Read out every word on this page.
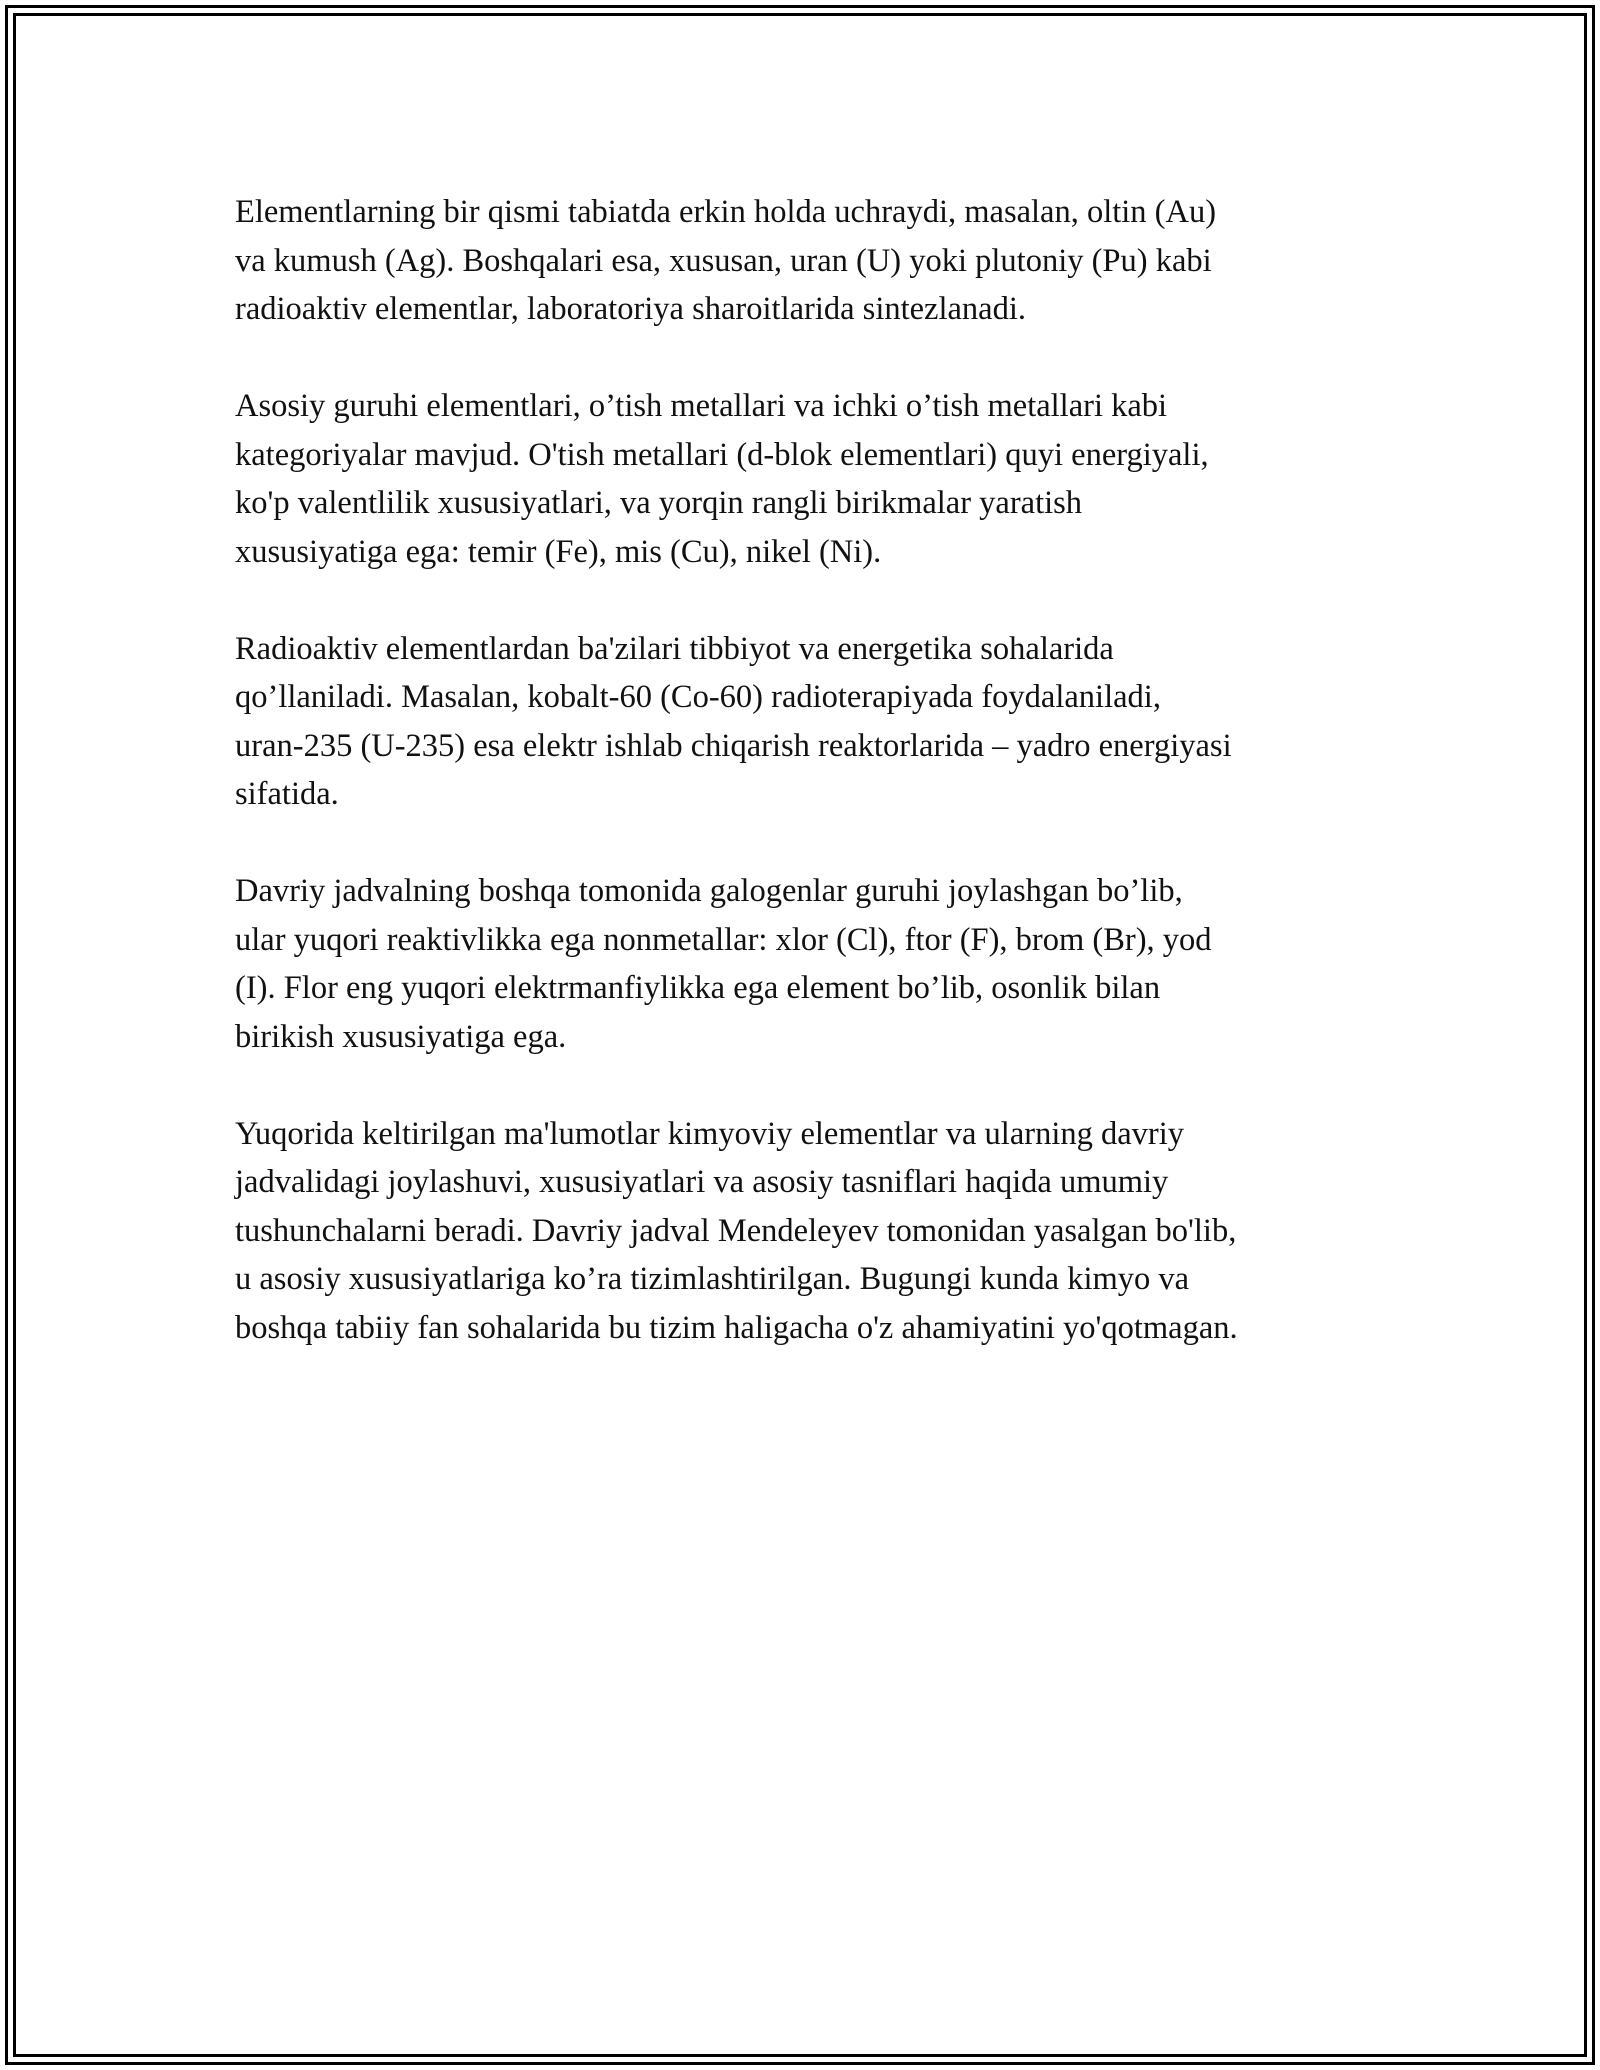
Elementlarning bir qismi tabiatda erkin holda uchraydi, masalan, oltin (Au)
va kumush (Ag). Boshqalari esa, xususan, uran (U) yoki plutoniy (Pu) kabi
radioaktiv elementlar, laboratoriya sharoitlarida sintezlanadi.

Asosiy guruhi elementlari, o’tish metallari va ichki o’tish metallari kabi
kategoriyalar mavjud. O'tish metallari (d-blok elementlari) quyi energiyali,
ko'p valentlilik xususiyatlari, va yorqin rangli birikmalar yaratish
xususiyatiga ega: temir (Fe), mis (Cu), nikel (Ni).

Radioaktiv elementlardan ba'zilari tibbiyot va energetika sohalarida
qo’llaniladi. Masalan, kobalt-60 (Co-60) radioterapiyada foydalaniladi,
uran-235 (U-235) esa elektr ishlab chiqarish reaktorlarida – yadro energiyasi
sifatida.

Davriy jadvalning boshqa tomonida galogenlar guruhi joylashgan bo’lib,
ular yuqori reaktivlikka ega nonmetallar: xlor (Cl), ftor (F), brom (Br), yod
(I). Flor eng yuqori elektrmanfiylikka ega element bo’lib, osonlik bilan
birikish xususiyatiga ega.

Yuqorida keltirilgan ma'lumotlar kimyoviy elementlar va ularning davriy
jadvalidagi joylashuvi, xususiyatlari va asosiy tasniflari haqida umumiy
tushunchalarni beradi. Davriy jadval Mendeleyev tomonidan yasalgan bo'lib,
u asosiy xususiyatlariga ko’ra tizimlashtirilgan. Bugungi kunda kimyo va
boshqa tabiiy fan sohalarida bu tizim haligacha o'z ahamiyatini yo'qotmagan.
